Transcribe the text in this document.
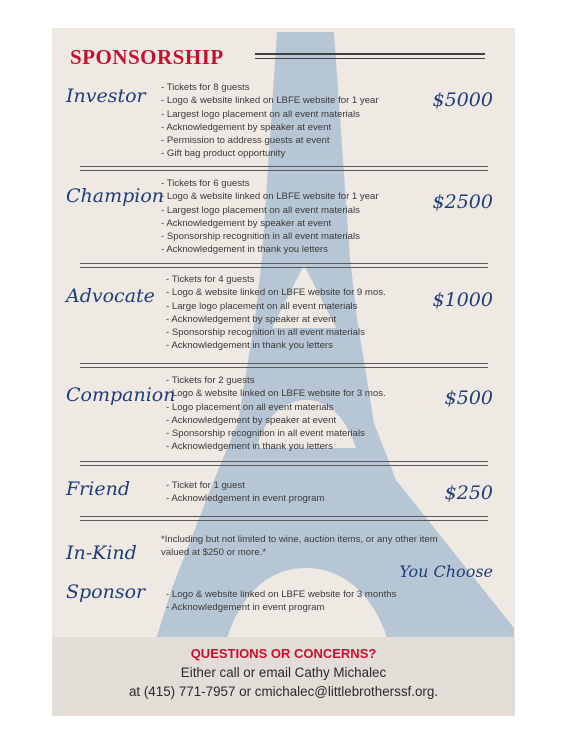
SPONSORSHIP
Investor	$5000
- Tickets for 8 guests
- Logo & website linked on LBFE website for 1 year
- Largest logo placement on all event materials
- Acknowledgement by speaker at event
- Permission to address guests at event
- Gift bag product opportunity
Champion	$2500
- Tickets for 6 guests
- Logo & website linked on LBFE website for 1 year
- Largest logo placement on all event materials
- Acknowledgement by speaker at event
- Sponsorship recognition in all event materials
- Acknowledgement in thank you letters
Advocate	$1000
- Tickets for 4 guests
- Logo & website linked on LBFE website for 9 mos.
- Large logo placement on all event materials
- Acknowledgement by speaker at event
- Sponsorship recognition in all event materials
- Acknowledgement in thank you letters
Companion	$500
- Tickets for 2 guests
- Logo & website linked on LBFE website for 3 mos.
- Logo placement on all event materials
- Acknowledgement by speaker at event
- Sponsorship recognition in all event materials
- Acknowledgement in thank you letters
Friend	$250
- Ticket for 1 guest
- Acknowledgement in event program
In-Kind
Sponsor
*Including but not limited to wine, auction items, or any other item valued at $250 or more.*
You Choose
- Logo & website linked on LBFE website for 3 months
- Acknowledgement in event program
QUESTIONS OR CONCERNS?
Either call or email Cathy Michalec
at (415) 771-7957 or cmichalec@littlebrotherssf.org.
